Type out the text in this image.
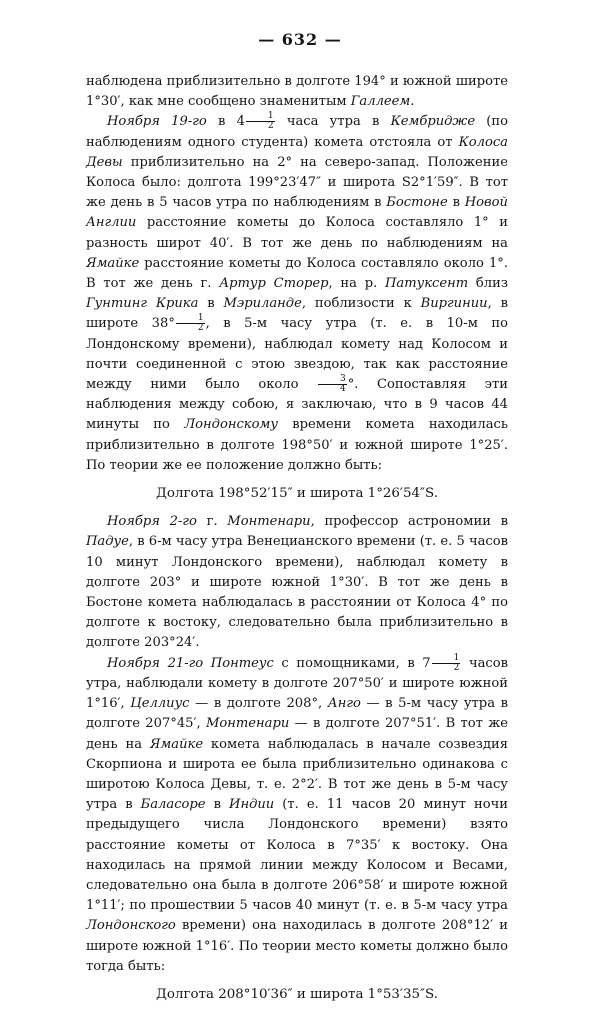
— 632 —

наблюдена приблизительно в долготе 194° и южной широте 1°30′, как мне сообщено знаменитым Галлеем.

Ноября 19-го в $4 \frac{1}{2}$ часа утра в Кембридже (по наблюдениям одного студента) комета отстояла от Колоса Девы приблизительно на 2° на северо-запад. Положение Колоса было: долгота 199°23′47″ и широта S2°1′59″. В тот же день в 5 часов утра по наблюдениям в Бостоне в Новой Англии расстояние кометы до Колоса составляло 1° и разность широт 40′. В тот же день по наблюдениям на Ямайке расстояние кометы до Колоса составляло около 1°. В тот же день г. Артур Сторер, на р. Патуксент близ Гунтинг Крика в Мэрилaнде, поблизости к Виргинии, в широте $38^\circ \frac{1}{2}$ , в 5-м часу утра (т. е. в 10-м по Лондонскому времени), наблюдал комету над Колосом и почти соединенной с этою звездою, так как расстояние между ними было около $\frac{3}{4}$ °. Сопоставляя эти наблюдения между собою, я заключаю, что в 9 часов 44 минуты по Лондонскому времени комета находилась приблизительно в долготе 198°50′ и южной широте 1°25′. По теории же ее положение должно быть:

Долгота 198°52′15″ и широта 1°26′54″S.

Ноября 2-го г. Монтенари, профессор астрономии в Падуе, в 6-м часу утра Венецианского времени (т. е. 5 часов 10 минут Лондонского времени), наблюдал комету в долготе 203° и широте южной 1°30′. В тот же день в Бостоне комета наблюдалась в расстоянии от Колоса 4° по долготе к востоку, следовательно была приблизительно в долготе 203°24′.

Ноября 21-го Понтеус с помощниками, в $7 \frac{1}{2}$ часов утра, наблюдали комету в долготе 207°50′ и широте южной 1°16′, Целлиус — в долготе 208°, Анго — в 5-м часу утра в долготе 207°45′, Монтенари — в долготе 207°51′. В тот же день на Ямайке комета наблюдалась в начале созвездия Скорпиона и широта ее была приблизительно одинакова с широтою Колоса Девы, т. е. 2°2′. В тот же день в 5-м часу утра в Баласоре в Индии (т. е. 11 часов 20 минут ночи предыдущего числа Лондонского времени) взято расстояние кометы от Колоса в 7°35′ к востоку. Она находилась на прямой линии между Колосом и Весами, следовательно она была в долготе 206°58′ и широте южной 1°11′; по прошествии 5 часов 40 минут (т. е. в 5-м часу утра Лондонского времени) она находилась в долготе 208°12′ и широте южной 1°16′. По теории место кометы должно было тогда быть:

Долгота 208°10′36″ и широта 1°53′35″S.
